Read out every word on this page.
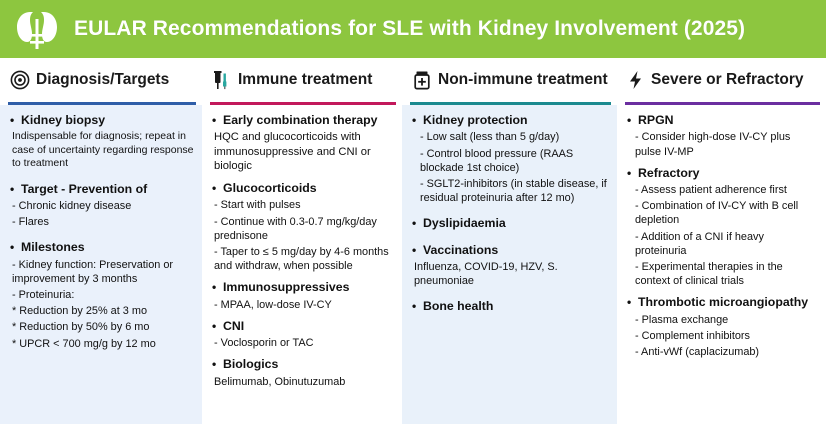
EULAR Recommendations for SLE with Kidney Involvement (2025)
Diagnosis/Targets
• Kidney biopsy
Indispensable for diagnosis; repeat in case of uncertainty regarding response to treatment
• Target - Prevention of
- Chronic kidney disease
- Flares
• Milestones
- Kidney function: Preservation or improvement by 3 months
- Proteinuria:
* Reduction by 25% at 3 mo
* Reduction by 50% by 6 mo
* UPCR < 700 mg/g by 12 mo
Immune treatment
• Early combination therapy
HQC and glucocorticoids with immunosuppressive and CNI or biologic
• Glucocorticoids
- Start with pulses
- Continue with 0.3-0.7 mg/kg/day prednisone
- Taper to ≤ 5 mg/day by 4-6 months and withdraw, when possible
• Immunosuppressives
- MPAA, low-dose IV-CY
• CNI
- Voclosporin or TAC
• Biologics
Belimumab, Obinutuzumab
Non-immune treatment
• Kidney protection
- Low salt (less than 5 g/day)
- Control blood pressure (RAAS blockade 1st choice)
- SGLT2-inhibitors (in stable disease, if residual proteinuria after 12 mo)
• Dyslipidaemia
• Vaccinations
Influenza, COVID-19, HZV, S. pneumoniae
• Bone health
Severe or Refractory
• RPGN
- Consider high-dose IV-CY plus pulse IV-MP
• Refractory
- Assess patient adherence first
- Combination of IV-CY with B cell depletion
- Addition of a CNI if heavy proteinuria
- Experimental therapies in the context of clinical trials
• Thrombotic microangiopathy
- Plasma exchange
- Complement inhibitors
- Anti-vWf (caplacizumab)
